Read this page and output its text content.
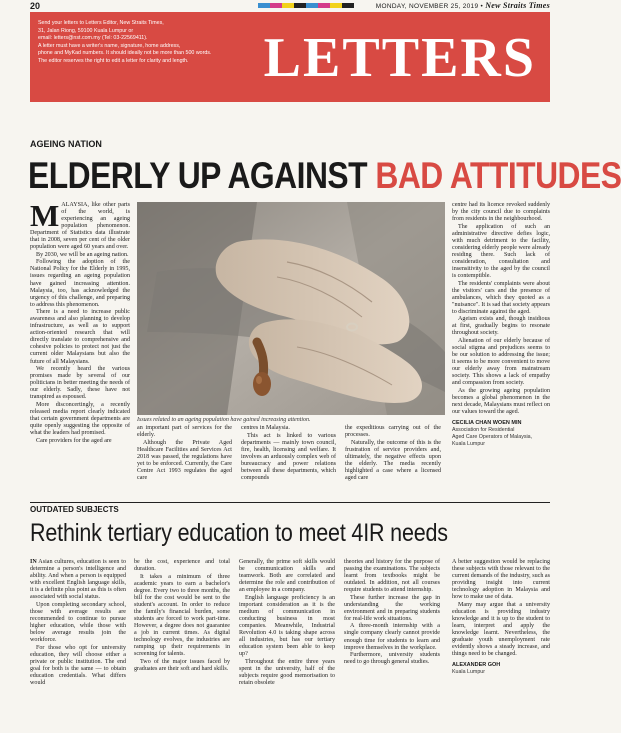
20	MONDAY, NOVEMBER 25, 2019 • New Straits Times
Send your letters to Letters Editor, New Straits Times,
31, Jalan Riong, 59100 Kuala Lumpur or
email: letters@nst.com.my (Tel: 03-22569411).
A letter must have a writer's name, signature, home address,
phone and MyKad numbers. It should ideally not be more than 500 words.
The editor reserves the right to edit a letter for clarity and length.	LETTERS
AGEING NATION
ELDERLY UP AGAINST BAD ATTITUDES

MALAYSIA, like other parts of the world, is experiencing an ageing population phenomenon. Department of Statistics data illustrate that in 2008, seven per cent of the older population were aged 60 years and over.

By 2030, we will be an ageing nation.

Following the adoption of the National Policy for the Elderly in 1995, issues regarding an ageing population have gained increasing attention. Malaysia, too, has acknowledged the urgency of this challenge, and preparing to address this phenomenon.

There is a need to increase public awareness and also planning to develop infrastructure, as well as to support action-oriented research that will directly translate to comprehensive and cohesive policies to protect not just the current older Malaysians but also the future of all Malaysians.

We recently heard the various promises made by several of our politicians in better meeting the needs of our elderly. Sadly, these have not transpired as espoused.

More disconcertingly, a recently released media report clearly indicated that certain government departments are quite openly suggesting the opposite of what the leaders had promised.

Care providers for the aged are

Issues related to an ageing population have gained increasing attention.

an important part of services for the elderly.

Although the Private Aged Healthcare Facilities and Services Act 2018 was passed, the regulations have yet to be enforced. Currently, the Care Centre Act 1993 regulates the aged care

centres in Malaysia.

This act is linked to various departments — mainly town council, fire, health, licensing and welfare. It involves an arduously complex web of bureaucracy and power relations between all these departments, which compounds

the expeditious carrying out of the processes.

Naturally, the outcome of this is the frustration of service providers and, ultimately, the negative effects upon the elderly. The media recently highlighted a case where a licensed aged care

centre had its licence revoked suddenly by the city council due to complaints from residents in the neighbourhood.

The application of such an administrative directive defies logic, with much detriment to the facility, considering elderly people were already residing there. Such lack of consideration, consultation and insensitivity to the aged by the council is contemptible.

The residents' complaints were about the visitors' cars and the presence of ambulances, which they quoted as a "nuisance". It is sad that society appears to discriminate against the aged.

Ageism exists and, though insidious at first, gradually begins to resonate throughout society.

Alienation of our elderly because of social stigma and prejudices seems to be our solution to addressing the issue; it seems to be more convenient to move our elderly away from mainstream society. This shows a lack of empathy and compassion from society.

As the growing ageing population becomes a global phenomenon in the next decade, Malaysians must reflect on our values toward the aged.

CECILIA CHAN WOEN MIN
Association for Residential
Aged Care Operators of Malaysia,
Kuala Lumpur
OUTDATED SUBJECTS
Rethink tertiary education to meet 4IR needs

IN Asian cultures, education is seen to determine a person's intelligence and ability. And when a person is equipped with excellent English language skills, it is a definite plus point as this is often associated with social status.

Upon completing secondary school, those with average results are recommended to continue to pursue higher education, while those with below average results join the workforce.

For those who opt for university education, they will choose either a private or public institution. The end goal for both is the same — to obtain education credentials. What differs would

be the cost, experience and total duration.

It takes a minimum of three academic years to earn a bachelor's degree. Every two to three months, the bill for the cost would be sent to the student's account. In order to reduce the family's financial burden, some students are forced to work part-time. However, a degree does not guarantee a job in current times. As digital technology evolves, the industries are ramping up their requirements in screening for talents.

Two of the major issues faced by graduates are their soft and hard skills.

Generally, the prime soft skills would be communication skills and teamwork. Both are correlated and determine the role and contribution of an employee in a company.

English language proficiency is an important consideration as it is the medium of communication in conducting business in most companies. Meanwhile, Industrial Revolution 4.0 is taking shape across all industries, but has our tertiary education system been able to keep up?

Throughout the entire three years spent in the university, half of the subjects require good memorisation to retain obsolete

theories and history for the purpose of passing the examinations. The subjects learnt from textbooks might be outdated. In addition, not all courses require students to attend internship.

These further increase the gap in understanding the working environment and in preparing students for real-life work situations.

A three-month internship with a single company clearly cannot provide enough time for students to learn and improve themselves in the workplace.

Furthermore, university students need to go through general studies.

A better suggestion would be replacing these subjects with those relevant to the current demands of the industry, such as providing insight into current technology adoption in Malaysia and how to make use of data.

Many may argue that a university education is providing industry knowledge and it is up to the student to learn, interpret and apply the knowledge learnt. Nevertheless, the graduate youth unemployment rate evidently shows a steady increase, and things need to be changed.

ALEXANDER GOH
Kuala Lumpur
